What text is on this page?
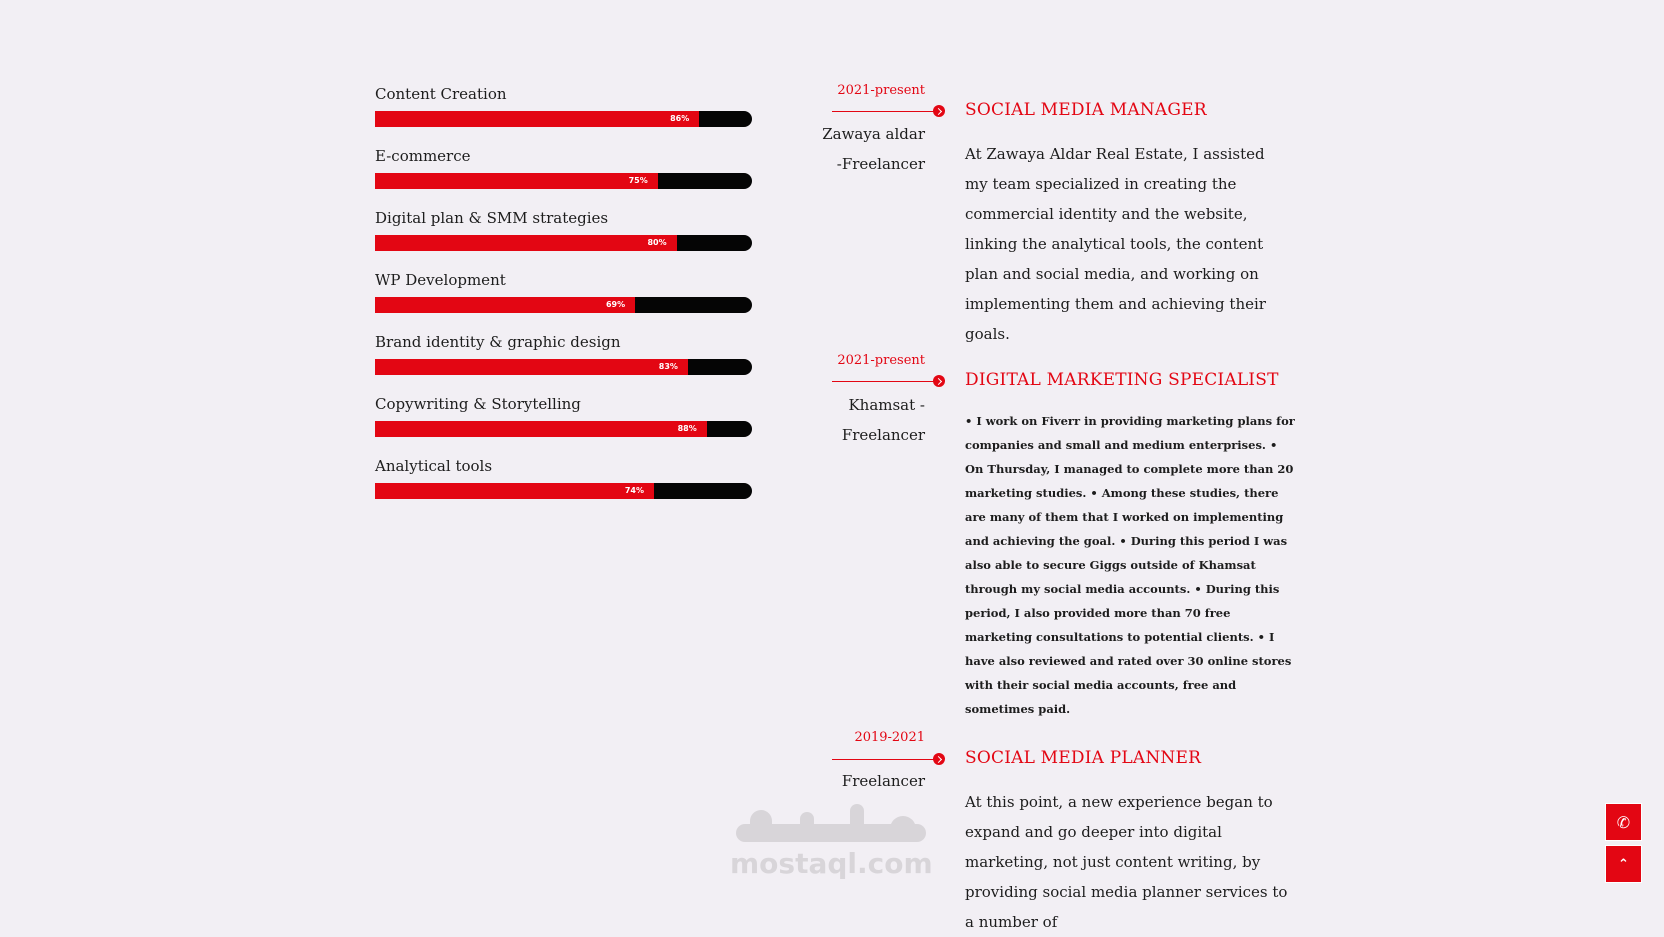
Content Creation
86%
E-commerce
75%
Digital plan & SMM strategies
80%
WP Development
69%
Brand identity & graphic design
83%
Copywriting & Storytelling
88%
Analytical tools
74%
2021-present
Zawaya aldar
-Freelancer
SOCIAL MEDIA MANAGER
At Zawaya Aldar Real Estate, I assisted my team specialized in creating the commercial identity and the website, linking the analytical tools, the content plan and social media, and working on implementing them and achieving their goals.
2021-present
Khamsat -
Freelancer
DIGITAL MARKETING SPECIALIST
• I work on Fiverr in providing marketing plans for companies and small and medium enterprises. • On Thursday, I managed to complete more than 20 marketing studies. • Among these studies, there are many of them that I worked on implementing and achieving the goal. • During this period I was also able to secure Giggs outside of Khamsat through my social media accounts. • During this period, I also provided more than 70 free marketing consultations to potential clients. • I have also reviewed and rated over 30 online stores with their social media accounts, free and sometimes paid.
2019-2021
Freelancer
SOCIAL MEDIA PLANNER
At this point, a new experience began to expand and go deeper into digital marketing, not just content writing, by providing social media planner services to a number of
mostaql.com
✆
⌃
